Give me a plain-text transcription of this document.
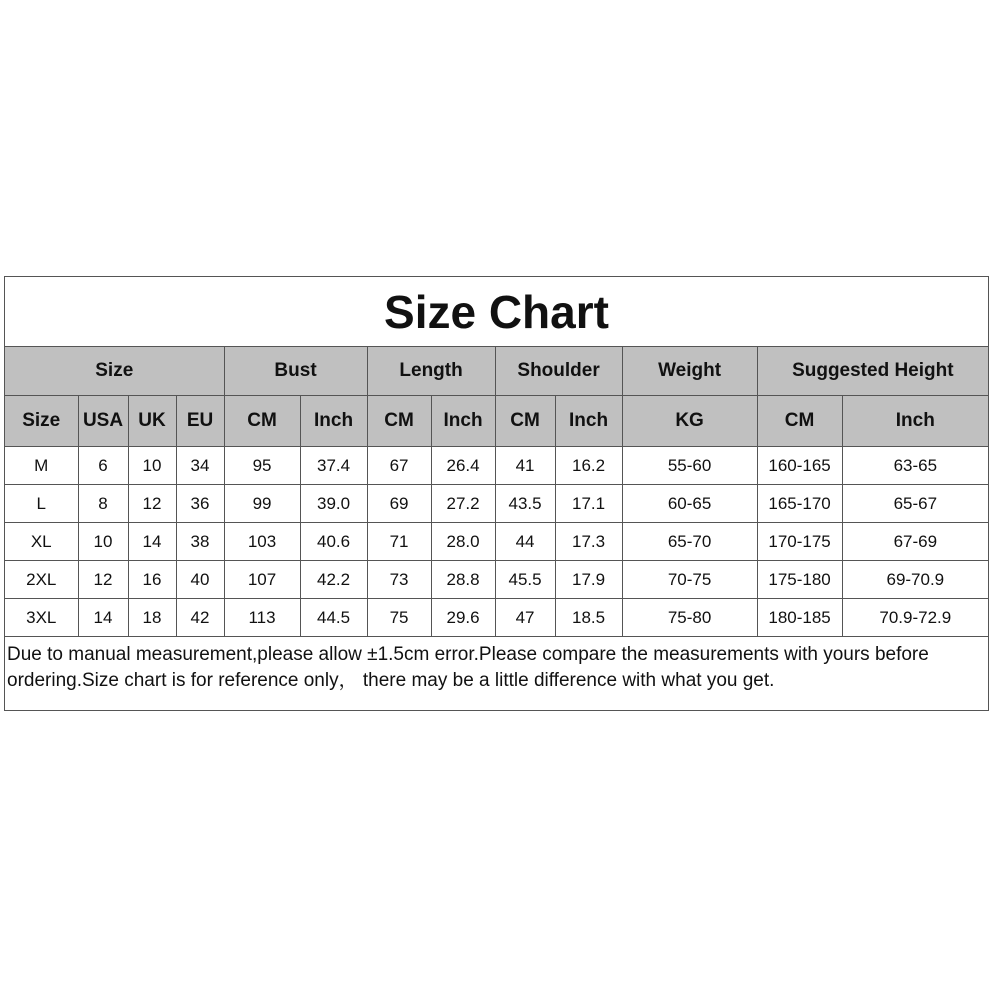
Size Chart
Size				Bust		Length		Shoulder		Weight	Suggested Height	
Size	USA	UK	EU	CM	Inch	CM	Inch	CM	Inch	KG	CM	Inch
M	6	10	34	95	37.4	67	26.4	41	16.2	55-60	160-165	63-65
L	8	12	36	99	39.0	69	27.2	43.5	17.1	60-65	165-170	65-67
XL	10	14	38	103	40.6	71	28.0	44	17.3	65-70	170-175	67-69
2XL	12	16	40	107	42.2	73	28.8	45.5	17.9	70-75	175-180	69-70.9
3XL	14	18	42	113	44.5	75	29.6	47	18.5	75-80	180-185	70.9-72.9
Due to manual measurement,please allow ±1.5cm error.Please compare the measurements with yours before ordering.Size chart is for reference only， there may be a little difference with what you get.
